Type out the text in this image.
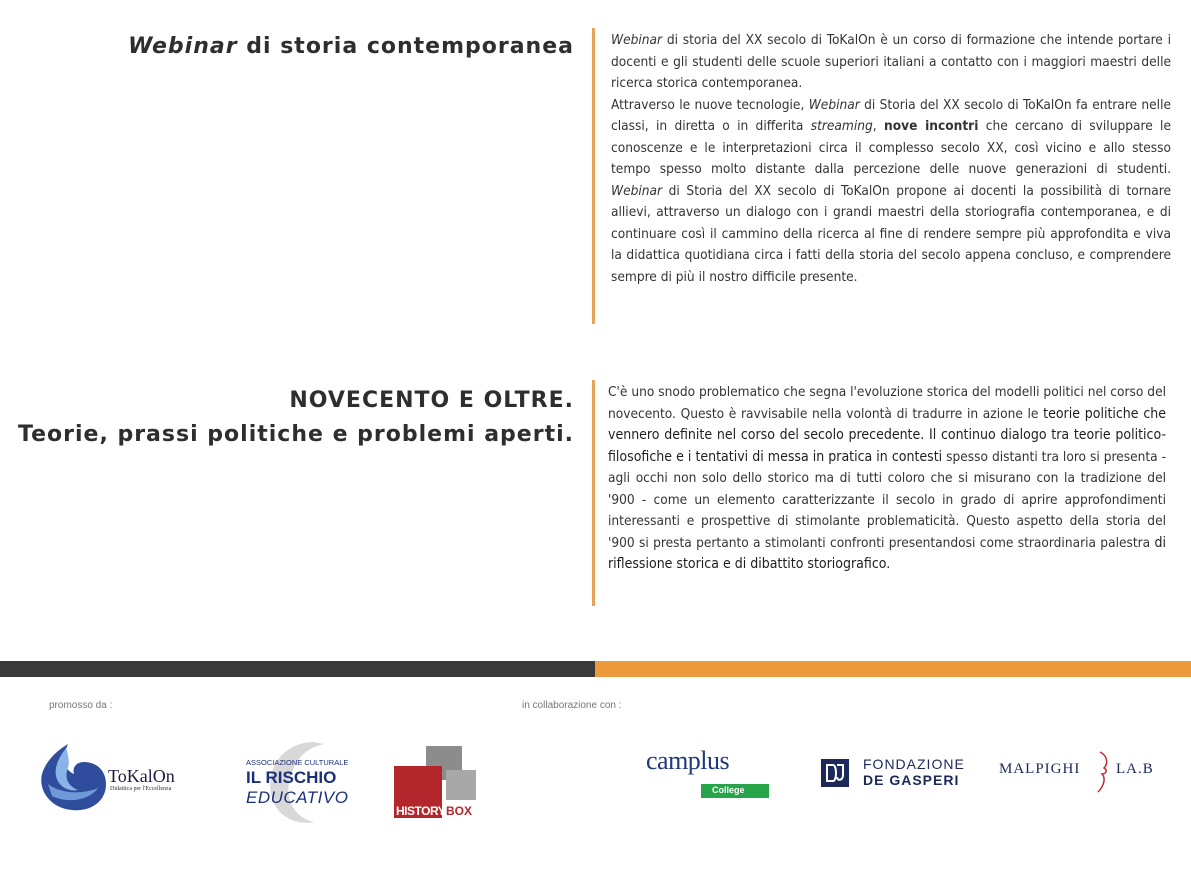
Webinar di storia contemporanea	Webinar di storia del XX secolo di ToKalOn è un corso di formazione che intende portare i docenti e gli studenti delle scuole superiori italiani a contatto con i maggiori maestri delle ricerca storica contemporanea.

Attraverso le nuove tecnologie, Webinar di Storia del XX secolo di ToKalOn fa entrare nelle classi, in diretta o in differita streaming, nove incontri che cercano di sviluppare le conoscenze e le interpretazioni circa il complesso secolo XX, così vicino e allo stesso tempo spesso molto distante dalla percezione delle nuove generazioni di studenti. Webinar di Storia del XX secolo di ToKalOn propone ai docenti la possibilità di tornare allievi, attraverso un dialogo con i grandi maestri della storiografia contemporanea, e di continuare così il cammino della ricerca al fine di rendere sempre più approfondita e viva la didattica quotidiana circa i fatti della storia del secolo appena concluso, e comprendere sempre di più il nostro difficile presente.

NOVECENTO E OLTRE.
Teorie, prassi politiche e problemi aperti.

C'è uno snodo problematico che segna l'evoluzione storica del modelli politici nel corso del novecento. Questo è ravvisabile nella volontà di tradurre in azione le teorie politiche che vennero definite nel corso del secolo precedente. Il continuo dialogo tra teorie politico-filosofiche e i tentativi di messa in pratica in contesti spesso distanti tra loro si presenta - agli occhi non solo dello storico ma di tutti coloro che si misurano con la tradizione del '900 - come un elemento caratterizzante il secolo in grado di aprire approfondimenti interessanti e prospettive di stimolante problematicità. Questo aspetto della storia del '900 si presta pertanto a stimolanti confronti presentandosi come straordinaria palestra di riflessione storica e di dibattito storiografico.

promosso da :	in collaborazione con :
ToKalOn
Didattica per l'Eccellenza
ASSOCIAZIONE CULTURALE
IL RISCHIO
EDUCATIVO
HISTORY BOX
camplus
College
FONDAZIONE
DE GASPERI
MALPIGHI LA.B
